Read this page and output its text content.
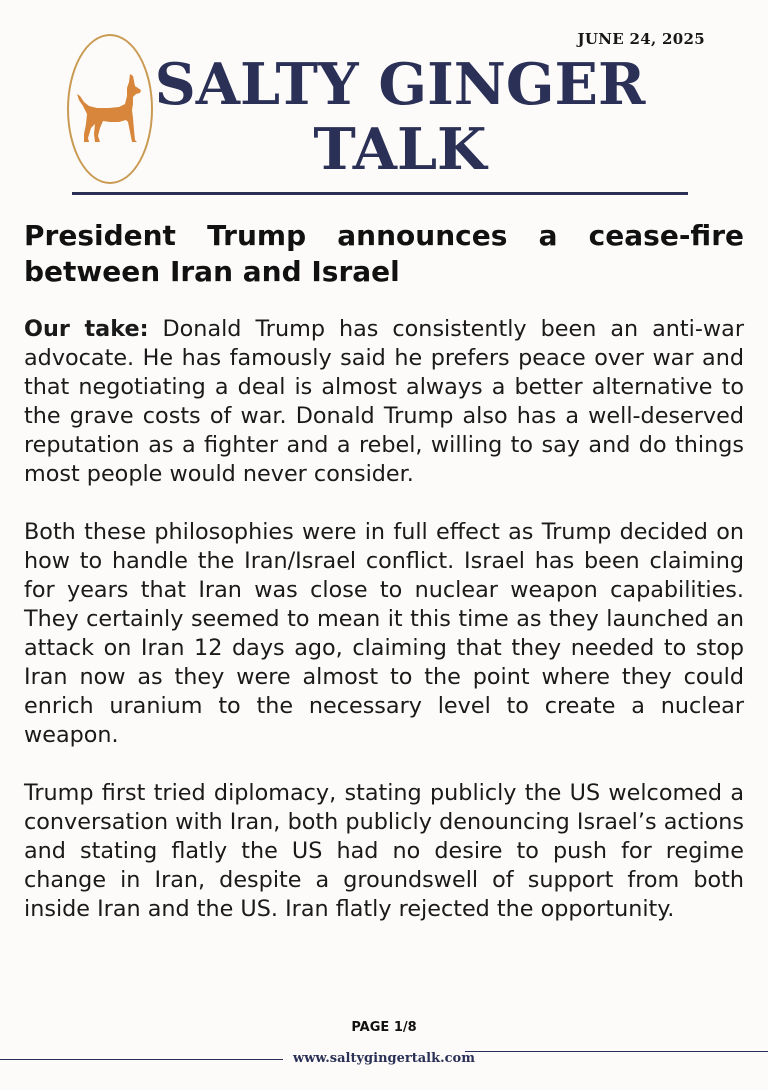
JUNE 24, 2025
SALTY GINGER
TALK
President Trump announces a cease-fire between Iran and Israel

Our take: Donald Trump has consistently been an anti-war advocate. He has famously said he prefers peace over war and that negotiating a deal is almost always a better alternative to the grave costs of war. Donald Trump also has a well-deserved reputation as a fighter and a rebel, willing to say and do things most people would never consider.

Both these philosophies were in full effect as Trump decided on how to handle the Iran/Israel conflict. Israel has been claiming for years that Iran was close to nuclear weapon capabilities. They certainly seemed to mean it this time as they launched an attack on Iran 12 days ago, claiming that they needed to stop Iran now as they were almost to the point where they could enrich uranium to the necessary level to create a nuclear weapon.

Trump first tried diplomacy, stating publicly the US welcomed a conversation with Iran, both publicly denouncing Israel’s actions and stating flatly the US had no desire to push for regime change in Iran, despite a groundswell of support from both inside Iran and the US. Iran flatly rejected the opportunity.

PAGE 1/8
www.saltygingertalk.com
